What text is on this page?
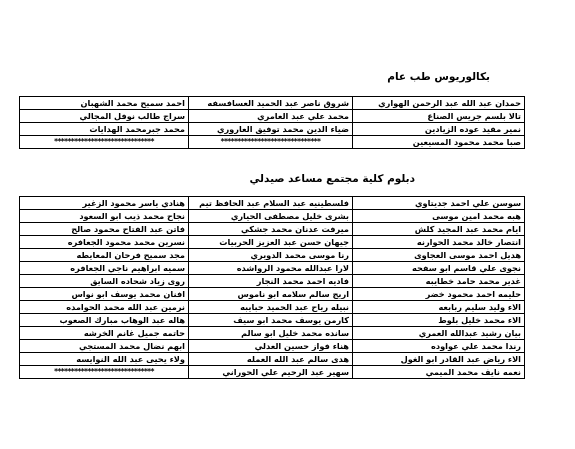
بكالوريوس طب عام
حمدان عبد الله عبد الرحمن الهواري	شروق ناصر عبد الحميد العسافسفه	احمد سميح محمد الشهبان
تالا بلسم جريس الصناع	محمد علي عبد العامري	سراج طالب نوفل المجالي
نمير مفيد عوده الزيادين	ضياء الدين محمد توفيق العاروري	محمد جبرمحمد الهدايات
صبا محمد محمود المسيعين	******************************	******************************
دبلوم كلية مجتمع مساعد صيدلي
سوسن علي احمد جديتاوي	فلسطينيه عبد السلام عبد الحافظ تيم	هنادي ياسر محمود الزغير
هبه محمد امين موسى	بشرى خليل مصطفى الحياري	نجاح محمد ذيب ابو السعود
ايام محمد عبد المجيد كلش	ميرفت عدنان محمد جشكي	فاتن عبد الفتاح محمود صالح
انتصار خالد محمد الحوارنه	جيهان حسن عبد العزيز الحربيات	نسرين محمد محمود الجعافره
هديل احمد موسى العجاوى	رنا موسى محمد الدويري	مجد سميح فرحان المعايطه
نجوى علي قاسم ابو سفحه	لارا عبدالله محمود الرواشده	سميه ابراهيم ناجي الجعافره
غدير محمد حامد خطايبه	فاديه احمد محمد النجار	روى زياد شحاده السايق
حليمه احمد محمود خضر	اريج سالم سلامه ابو ناموس	افنان محمد يوسف ابو نواس
الاء وليد سليم ربابعه	نبيله رياح عبد الحميد حبايبه	نرمين عبد الله محمد الحوامده
الاء محمد خليل بلوط	كارمن يوسف محمد ابو سيف	هاله عبد الوهاب مبارك الصعوب
بيان رشيد عبدالله العمري	سانده محمد خليل ابو سالم	حاتمه جميل غانم الخرشه
رندا محمد علي عواوده	هناء فواز حسين العدلي	ابهم نضال محمد المستجي
الاء رياض عبد القادر ابو الغول	هدى سالم عبد الله العمله	ولاء يحيى عبد الله النوايسه
نعمه نايف محمد الميمي	سهير عبد الرحيم علي الحوراني	******************************
